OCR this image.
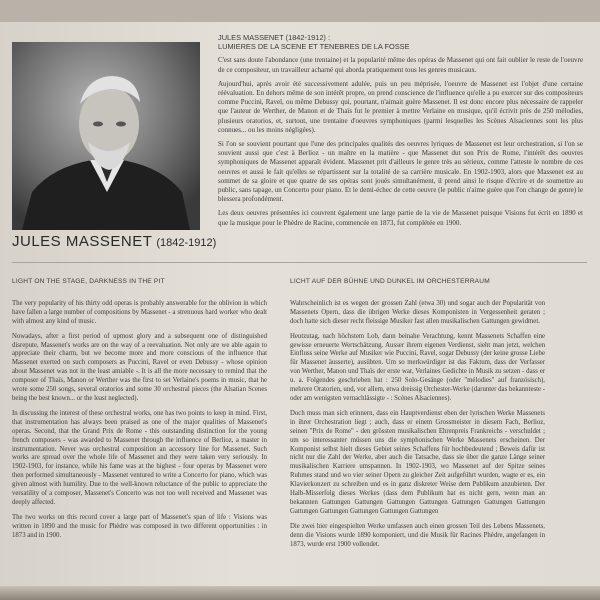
JULES MASSENET (1842-1912)
JULES MASSENET (1842-1912) :
LUMIERES DE LA SCENE ET TENEBRES DE LA FOSSE

C'est sans doute l'abondance (une trentaine) et la popularité même des opéras de Massenet qui ont fait oublier le reste de l'oeuvre de ce compositeur, un travailleur acharné qui aborda pratiquement tous les genres musicaux.

Aujourd'hui, après avoir été successivement adulée, puis un peu méprisée, l'oeuvre de Massenet est l'objet d'une certaine réévaluation. En dehors même de son intérêt propre, on prend conscience de l'influence qu'elle a pu exercer sur des compositeurs comme Puccini, Ravel, ou même Debussy qui, pourtant, n'aimait guère Massenet. Il est donc encore plus nécessaire de rappeler que l'auteur de Werther, de Manon et de Thaïs fut le premier à mettre Verlaine en musique, qu'il écrivit près de 250 mélodies, plusieurs oratorios, et, surtout, une trentaine d'oeuvres symphoniques (parmi lesquelles les Scènes Alsaciennes sont les plus connues... ou les moins négligées).

Si l'on se souvient pourtant que l'une des principales qualités des oeuvres lyriques de Massenet est leur orchestration, si l'on se souvient aussi que c'est à Berlioz - un maître en la matière - que Massenet dut son Prix de Rome, l'intérêt des oeuvres symphoniques de Massenet apparaît évident. Massenet prit d'ailleurs le genre très au sérieux, comme l'atteste le nombre de ces oeuvres et aussi le fait qu'elles se répartissent sur la totalité de sa carrière musicale. En 1902-1903, alors que Massenet est au sommet de sa gloire et que quatre de ses opéras sont joués simultanément, il prend ainsi le risque d'écrire et de soumettre au public, sans tapage, un Concerto pour piano. Et le demi-échec de cette oeuvre (le public n'aime guère que l'on change de genre) le blessera profondément.

Les deux oeuvres présentées ici couvrent également une large partie de la vie de Massenet puisque Visions fut écrit en 1890 et que la musique pour le Phèdre de Racine, commencée en 1873, fut complétée en 1900.

LIGHT ON THE STAGE, DARKNESS IN THE PIT

The very popularity of his thirty odd operas is probably answerable for the oblivion in which have fallen a large number of compositions by Massenet - a strenuous hard worker who dealt with almost any kind of music.

Nowadays, after a first period of upmost glory and a subsequent one of distinguished disrepute, Massenet's works are on the way of a reevaluation. Not only are we able again to appreciate their charm, but we become more and more conscious of the influence that Massenet exerted on such composers as Puccini, Ravel or even Debussy - whose opinion about Massenet was not in the least amiable -. It is all the more necessary to remind that the composer of Thaïs, Manon or Werther was the first to set Verlaine's poems in music, that he wrote some 250 songs, several oratorios and some 30 orchestral pieces (the Alsatian Scenes being the best known... or the least neglected).

In discussing the interest of these orchestral works, one has two points to keep in mind. First, that instrumentation has always been praised as one of the major qualities of Massenet's operas. Second, that the Grand Prix de Rome - this outstanding distinction for the young french composers - was awarded to Massenet through the influence of Berlioz, a master in instrumentation. Never was orchestral composition an accessory line for Massenet. Such works are spread over the whole life of Massenet and they were taken very seriously. In 1902-1903, for instance, while his fame was at the highest - four operas by Massenet were then performed simultaneously - Massenet ventured to write a Concerto for piano, which was given almost with humility. Due to the well-known reluctance of the public to appreciate the versatility of a composer, Massenet's Concerto was not too well received and Massenet was deeply affected.

The two works on this record cover a large part of Massenet's span of life : Visions was written in 1890 and the music for Phèdre was composed in two different opportunities : in 1873 and in 1900.

LICHT AUF DER BÜHNE UND DUNKEL IM ORCHESTERRAUM

Wahrscheinlich ist es wegen der grossen Zahl (etwa 30) und sogar auch der Popularität von Massenets Opern, dass die übrigen Werke dieses Komponisten in Vergessenheit geraten ; doch hatte sich dieser recht fleissige Musiker fast allen musikalischen Gattungen gewidmet.

Heutzutag, nach höchstem Lob, dann beinahe Verachtung, kennt Massenets Schaffen eine gewisse erneuerte Wertschätzung. Ausser ihrem eigenen Verdienst, sieht man jetzt, welchen Einfluss seine Werke auf Musiker wie Puccini, Ravel, sogar Debussy (der keine grosse Liebe für Massenet äusserte), ausübten. Um so merkwürdiger ist das Faktum, dass der Verfasser von Werther, Manon und Thaïs der erste war, Verlaines Gedichte in Musik zu setzen - dass er u. a. Folgendes geschrieben hat : 250 Solo-Gesänge (oder "mélodies" auf französisch), mehrere Oratorien, und, vor allem, etwa dreissig Orchester-Werke (darunter das bekannteste - oder am wenigsten vernachlässigte - : Scènes Alsaciennes).

Doch muss man sich erinnern, dass ein Hauptverdienst eben der lyrischen Werke Massenets in ihrer Orchestration liegt ; auch, dass er einem Grossmeister in diesem Fach, Berlioz, seinen "Prix de Rome" - den grössten musikalischen Ehrenpreis Frankreichs - verschuldet ; um so interessanter müssen uns die symphonischen Werke Massenets erscheinen. Der Komponist selbst hielt dieses Gebiet seines Schaffens für hochbedeutend ; Beweis dafür ist nicht nur die Zahl der Werke, aber auch die Tatsache, dass sie über die ganze Länge seiner musikalischen Karriere umspannen. In 1902-1903, wo Massenet auf der Spitze seines Ruhmes stand und wo vier seiner Opern zu gleicher Zeit aufgeführt wurden, wagte er es, ein Klavierkonzert zu schreiben und es in ganz diskreter Weise dem Publikum anzubieten. Der Halb-Misserfolg dieses Werkes (dass dem Publikum hat es nicht gern, wenn man an bekannten Gattungen Gattungen Gattungen Gattungen Gattungen Gattungen Gattungen Gattungen Gattungen Gattungen Gattungen Gattungen

Die zwei hier eingespielten Werke umfassen auch einen grossen Teil des Lebens Massenets, denn die Visions wurde 1890 komponiert, und die Musik für Racines Phèdre, angefangen in 1873, wurde erst 1900 vollendet.
